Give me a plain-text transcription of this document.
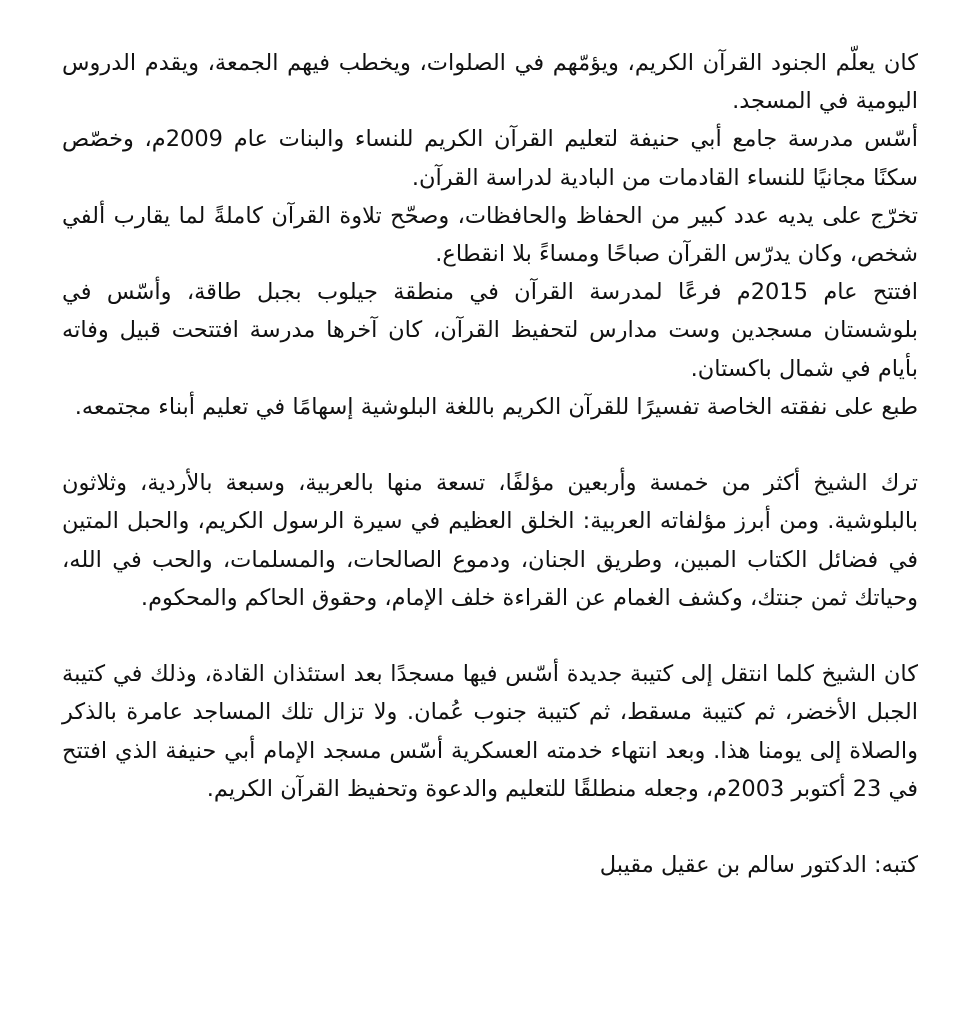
كان يعلّم الجنود القرآن الكريم، ويؤمّهم في الصلوات، ويخطب فيهم الجمعة، ويقدم الدروس اليومية في المسجد.

أسّس مدرسة جامع أبي حنيفة لتعليم القرآن الكريم للنساء والبنات عام 2009م، وخصّص سكنًا مجانيًا للنساء القادمات من البادية لدراسة القرآن.

تخرّج على يديه عدد كبير من الحفاظ والحافظات، وصحّح تلاوة القرآن كاملةً لما يقارب ألفي شخص، وكان يدرّس القرآن صباحًا ومساءً بلا انقطاع.

افتتح عام 2015م فرعًا لمدرسة القرآن في منطقة جيلوب بجبل طاقة، وأسّس في بلوشستان مسجدين وست مدارس لتحفيظ القرآن، كان آخرها مدرسة افتتحت قبيل وفاته بأيام في شمال باكستان.

طبع على نفقته الخاصة تفسيرًا للقرآن الكريم باللغة البلوشية إسهامًا في تعليم أبناء مجتمعه.

ترك الشيخ أكثر من خمسة وأربعين مؤلفًا، تسعة منها بالعربية، وسبعة بالأردية، وثلاثون بالبلوشية. ومن أبرز مؤلفاته العربية: الخلق العظيم في سيرة الرسول الكريم، والحبل المتين في فضائل الكتاب المبين، وطريق الجنان، ودموع الصالحات، والمسلمات، والحب في الله، وحياتك ثمن جنتك، وكشف الغمام عن القراءة خلف الإمام، وحقوق الحاكم والمحكوم.

كان الشيخ كلما انتقل إلى كتيبة جديدة أسّس فيها مسجدًا بعد استئذان القادة، وذلك في كتيبة الجبل الأخضر، ثم كتيبة مسقط، ثم كتيبة جنوب عُمان. ولا تزال تلك المساجد عامرة بالذكر والصلاة إلى يومنا هذا. وبعد انتهاء خدمته العسكرية أسّس مسجد الإمام أبي حنيفة الذي افتتح في 23 أكتوبر 2003م، وجعله منطلقًا للتعليم والدعوة وتحفيظ القرآن الكريم.

كتبه: الدكتور سالم بن عقيل مقيبل
